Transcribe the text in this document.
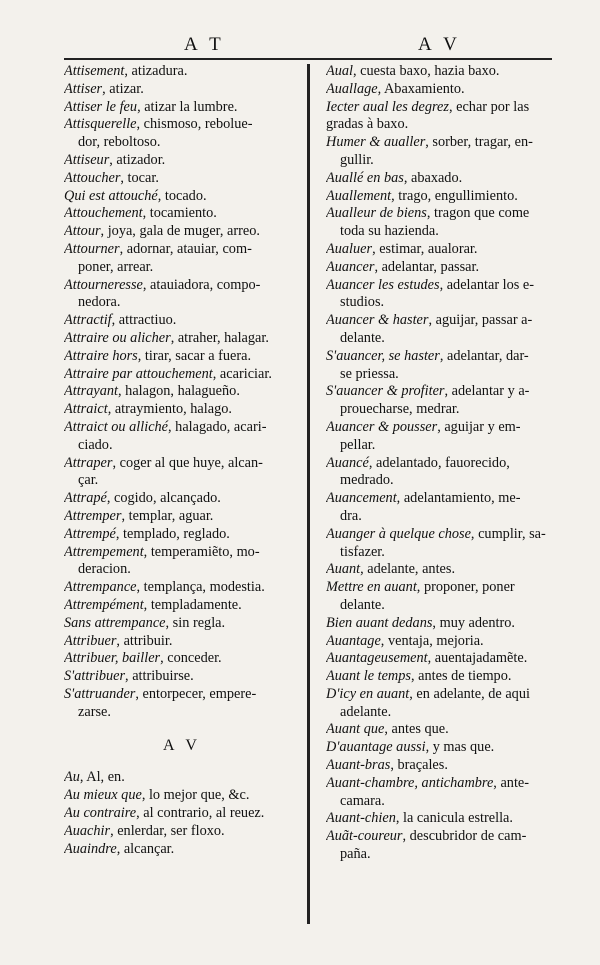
A T	A V
Attisement, atizadura.
Attiser, atizar.
Attiser le feu, atizar la lumbre.
Attisquerelle, chismoso, rebolue-
dor, reboltoso.
Attiseur, atizador.
Attoucher, tocar.
Qui est attouché, tocado.
Attouchement, tocamiento.
Attour, joya, gala de muger, arreo.
Attourner, adornar, atauiar, com-
poner, arrear.
Attourneresse, atauiadora, compo-
nedora.
Attractif, attractiuo.
Attraire ou alicher, atraher, halagar.
Attraire hors, tirar, sacar a fuera.
Attraire par attouchement, acariciar.
Attrayant, halagon, halagueño.
Attraict, atraymiento, halago.
Attraict ou alliché, halagado, acari-
ciado.
Attraper, coger al que huye, alcan-
çar.
Attrapé, cogido, alcançado.
Attremper, templar, aguar.
Attrempé, templado, reglado.
Attrempement, temperamiẽto, mo-
deracion.
Attrempance, templança, modestia.
Attrempément, templadamente.
Sans attrempance, sin regla.
Attribuer, attribuir.
Attribuer, bailler, conceder.
S'attribuer, attribuirse.
S'attruander, entorpecer, empere-
zarse.
A V
Au, Al, en.
Au mieux que, lo mejor que, &c.
Au contraire, al contrario, al reuez.
Auachir, enlerdar, ser floxo.
Auaindre, alcançar.
Aual, cuesta baxo, hazia baxo.
Auallage, Abaxamiento.
Iecter aual les degrez, echar por las
gradas à baxo.
Humer & aualler, sorber, tragar, en-
gullir.
Auallé en bas, abaxado.
Auallement, trago, engullimiento.
Auallеur de biens, tragon que come
toda su hazienda.
Aualuer, estimar, aualorar.
Auancer, adelantar, passar.
Auancer les estudes, adelantar los e-
studios.
Auancer & haster, aguijar, passar a-
delante.
S'auancer, se haster, adelantar, dar-
se priessa.
S'auancer & profiter, adelantar y a-
prouecharse, medrar.
Auancer & pousser, aguijar y em-
pellar.
Auancé, adelantado, fauorecido,
medrado.
Auancement, adelantamiento, me-
dra.
Auanger à quelque chose, cumplir, sa-
tisfazer.
Auant, adelante, antes.
Mettre en auant, proponer, poner
delante.
Bien auant dedans, muy adentro.
Auantage, ventaja, mejoria.
Auantageusement, auentajadamẽte.
Auant le temps, antes de tiempo.
D'icy en auant, en adelante, de aqui
adelante.
Auant que, antes que.
D'auantage aussi, y mas que.
Auant-bras, braçales.
Auant-chambre, antichambre, ante-
camara.
Auant-chien, la canicula estrella.
Auãt-coureur, descubridor de cam-
paña.
